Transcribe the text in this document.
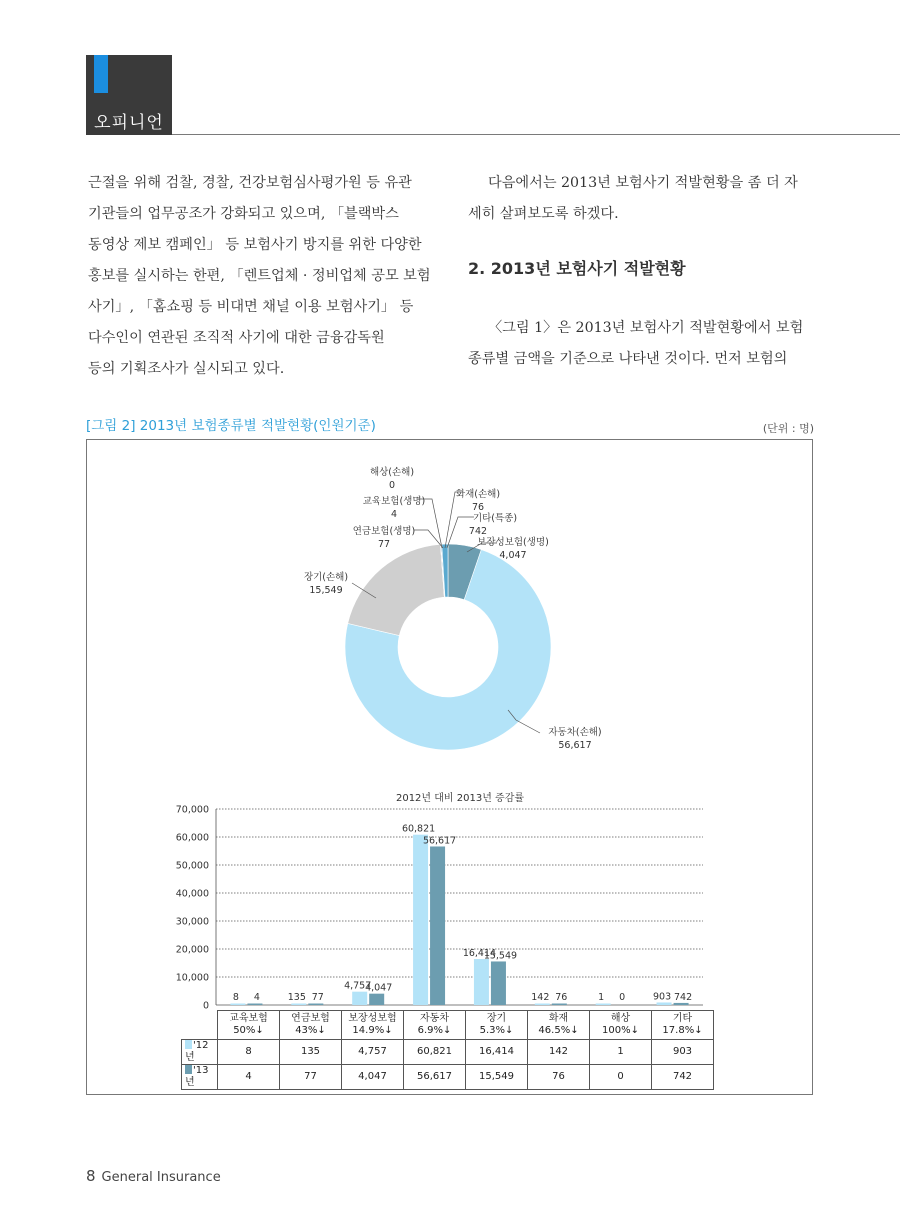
오피니언

근절을 위해 검찰, 경찰, 건강보험심사평가원 등 유관

기관들의 업무공조가 강화되고 있으며, 「블랙박스

동영상 제보 캠페인」 등 보험사기 방지를 위한 다양한

홍보를 실시하는 한편, 「렌트업체 · 정비업체 공모 보험

사기」, 「홈쇼핑 등 비대면 채널 이용 보험사기」 등

다수인이 연관된 조직적 사기에 대한 금융감독원

등의 기획조사가 실시되고 있다.

다음에서는 2013년 보험사기 적발현황을 좀 더 자

세히 살펴보도록 하겠다.

2. 2013년 보험사기 적발현황

〈그림 1〉은 2013년 보험사기 적발현황에서 보험

종류별 금액을 기준으로 나타낸 것이다. 먼저 보험의

[그림 2] 2013년 보험종류별 적발현황(인원기준)	(단위 : 명)
해상(손해)
0
교육보험(생명)
4
연금보험(생명)
77
화재(손해)
76
기타(특종)
742
보장성보험(생명)
4,047
장기(손해)
15,549
자동차(손해)
56,617
2012년 대비 2013년 증감률
0
10,000
20,000
30,000
40,000
50,000
60,000
70,000
8 4	135 77
4,757
4,047
60,821
56,617
16,414
15,549
142 76	1 0	903 742
	교육보험
50%↓	연금보험
43%↓	보장성보험
14.9%↓	자동차
6.9%↓	장기
5.3%↓	화재
46.5%↓	해상
100%↓	기타
17.8%↓
'12년	8	135	4,757	60,821	16,414	142	1	903
'13년	4	77	4,047	56,617	15,549	76	0	742
8 General Insurance
